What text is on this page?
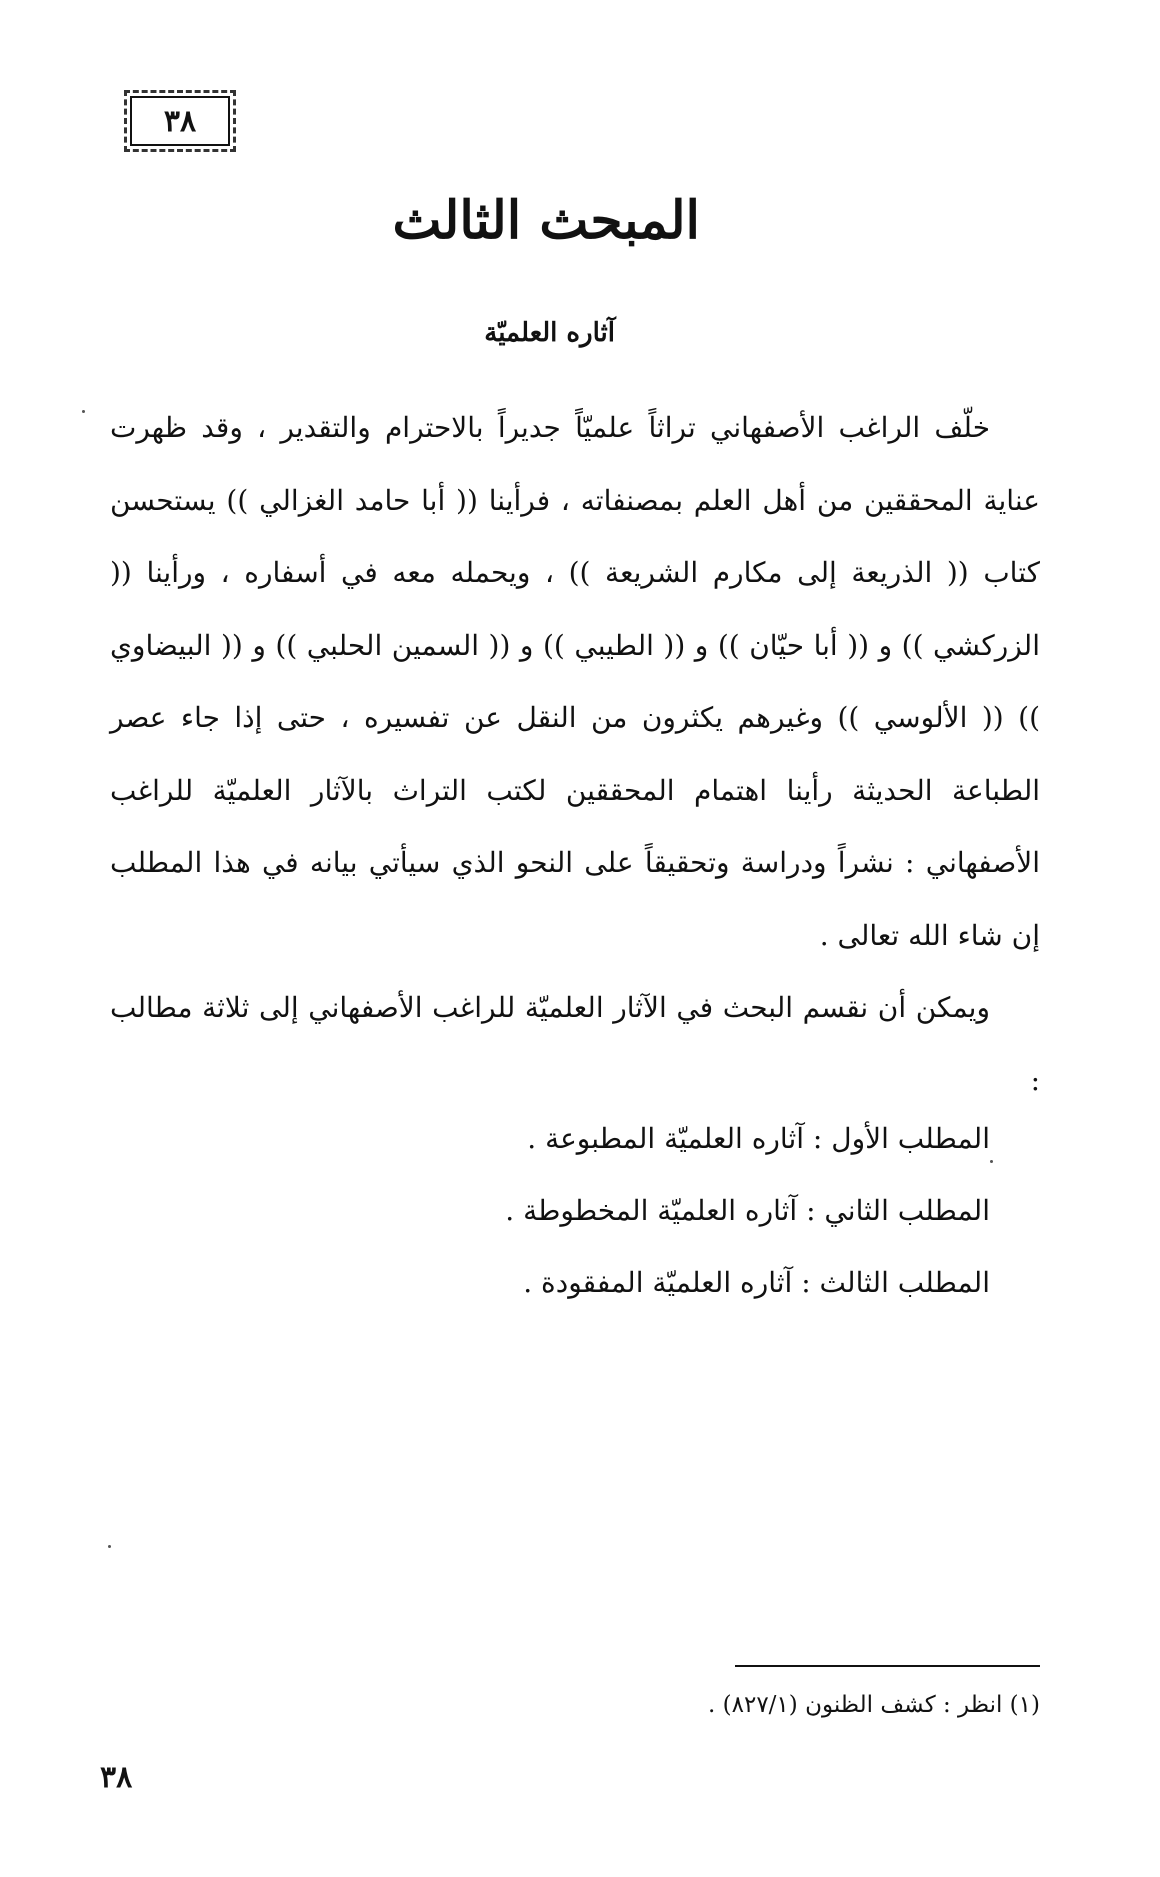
٣٨
المبحث الثالث
آثاره العلميّة

خلّف الراغب الأصفهاني تراثاً علميّاً جديراً بالاحترام والتقدير ، وقد ظهرت عناية المحققين من أهل العلم بمصنفاته ، فرأينا (( أبا حامد الغزالي )) يستحسن كتاب (( الذريعة إلى مكارم الشريعة )) ، ويحمله معه في أسفاره ، ورأينا (( الزركشي )) و (( أبا حيّان )) و (( الطيبي )) و (( السمين الحلبي )) و (( البيضاوي )) (( الألوسي )) وغيرهم يكثرون من النقل عن تفسيره ، حتى إذا جاء عصر الطباعة الحديثة رأينا اهتمام المحققين لكتب التراث بالآثار العلميّة للراغب الأصفهاني : نشراً ودراسة وتحقيقاً على النحو الذي سيأتي بيانه في هذا المطلب إن شاء الله تعالى .

ويمكن أن نقسم البحث في الآثار العلميّة للراغب الأصفهاني إلى ثلاثة مطالب :

المطلب الأول : آثاره العلميّة المطبوعة .
المطلب الثاني : آثاره العلميّة المخطوطة .
المطلب الثالث : آثاره العلميّة المفقودة .
(١) انظر : كشف الظنون (٨٢٧/١) .
٣٨
